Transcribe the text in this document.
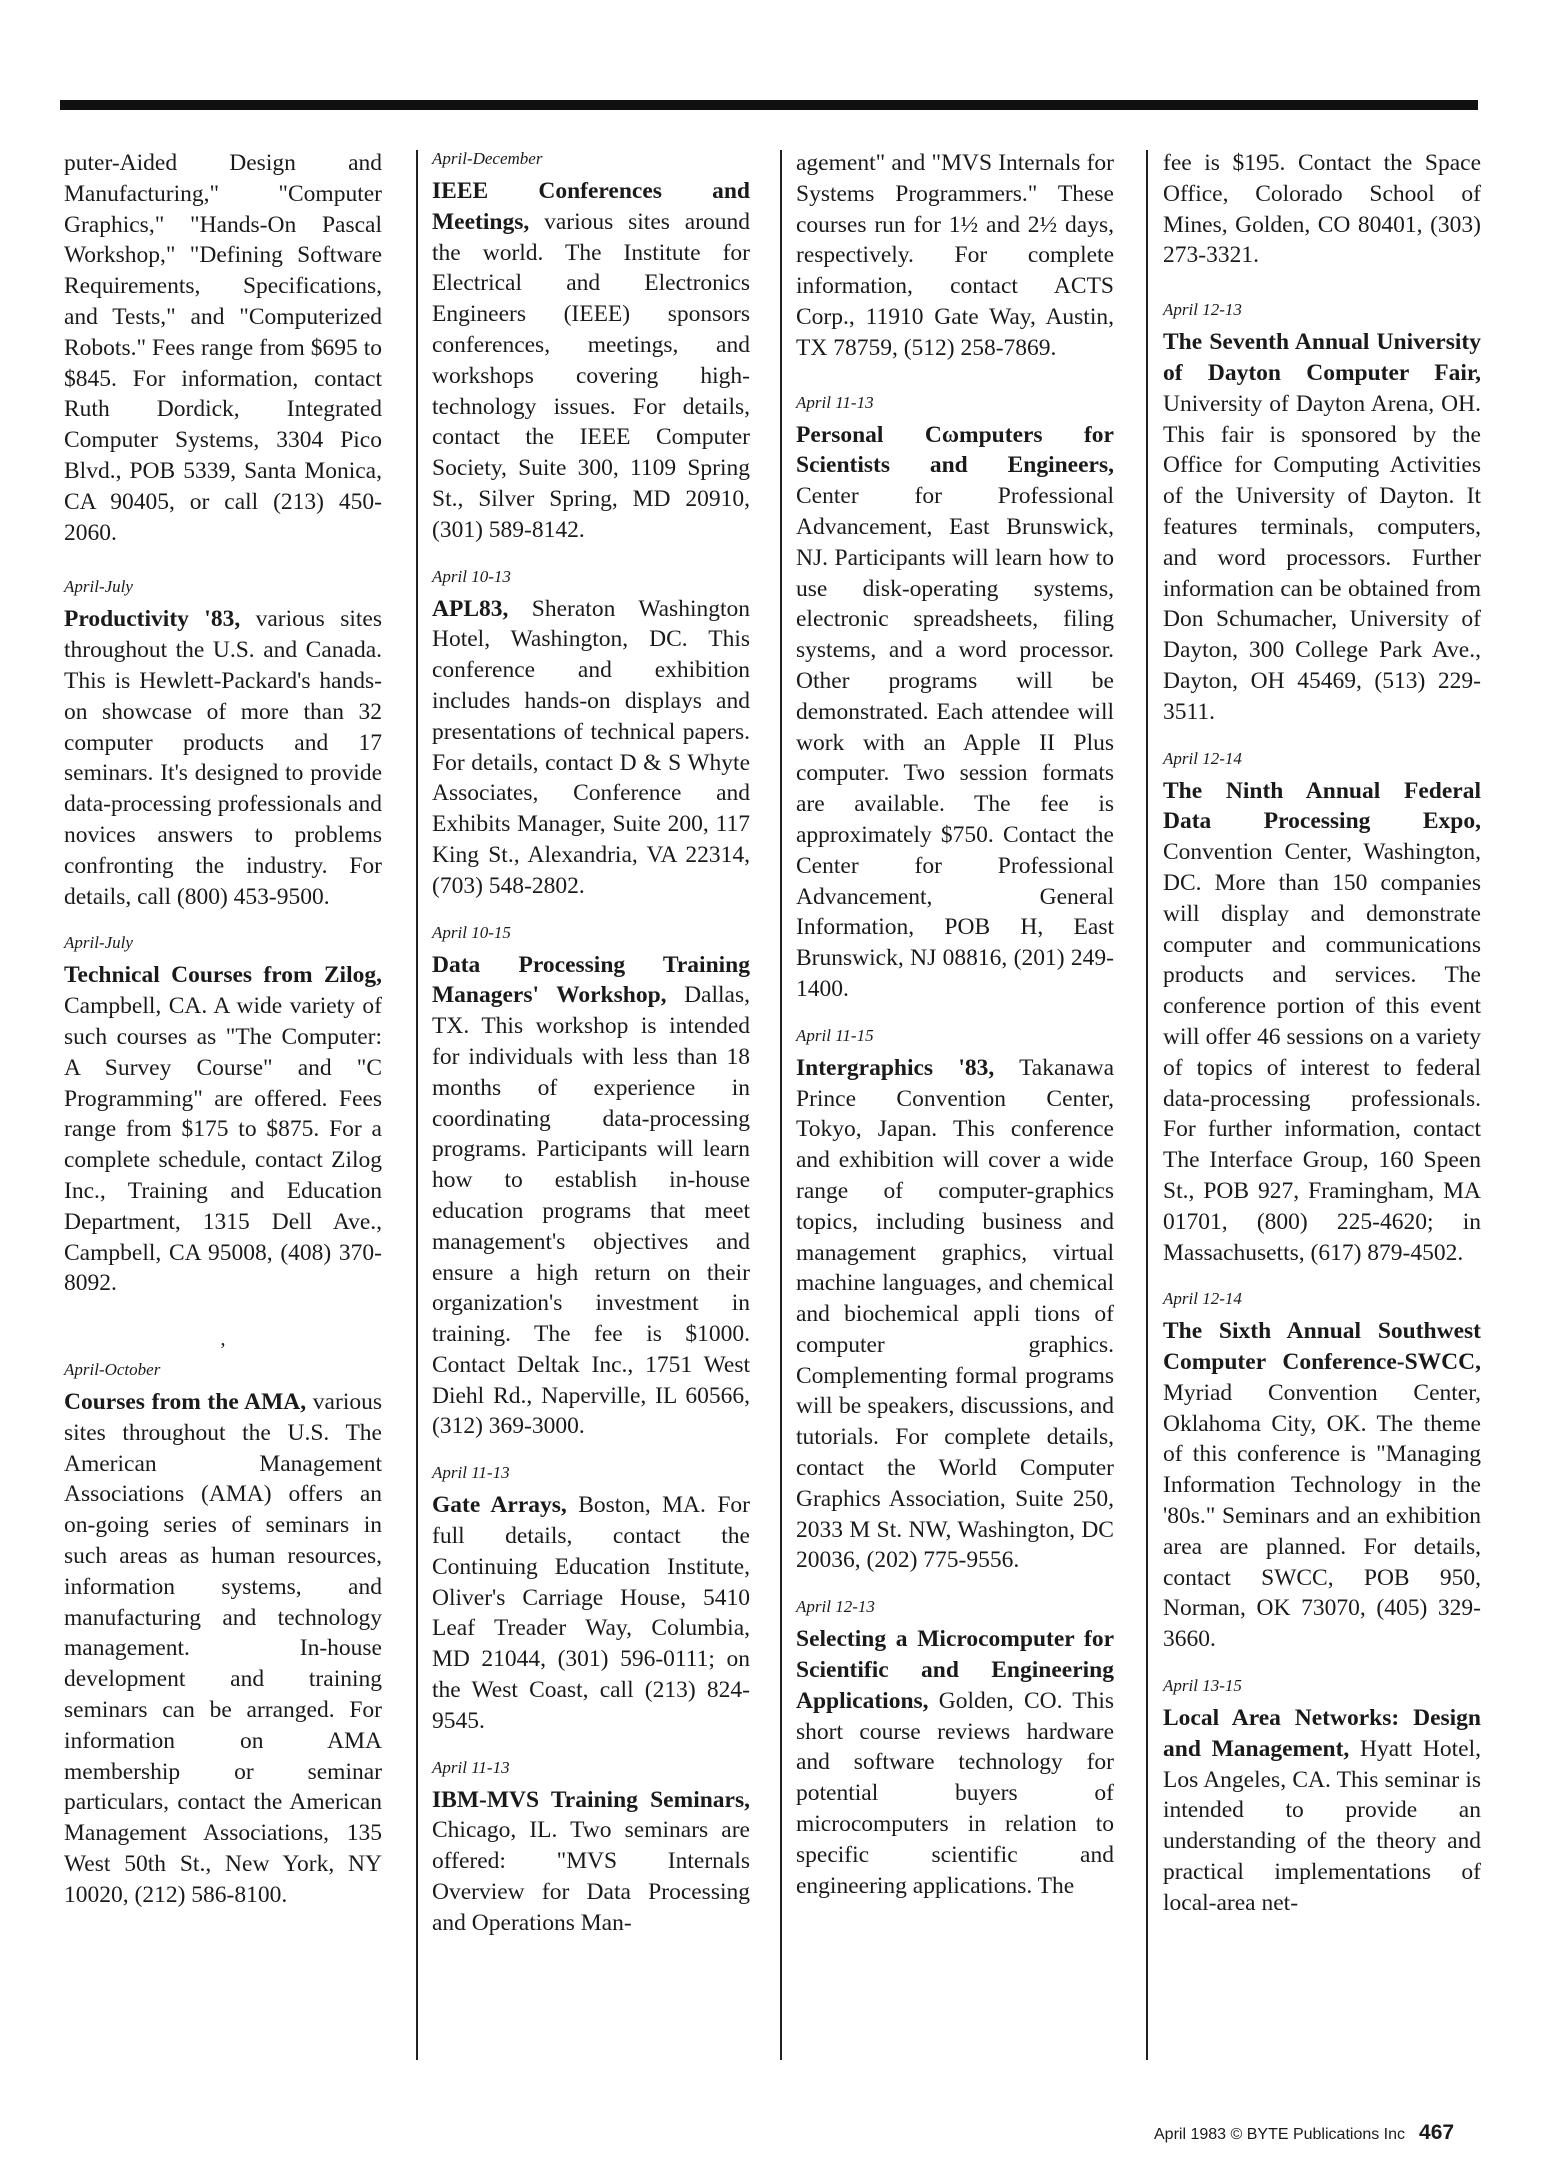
puter-Aided Design and Manufacturing," "Computer Graphics," "Hands-On Pascal Workshop," "Defining Software Requirements, Specifications, and Tests," and "Computerized Robots." Fees range from $695 to $845. For information, contact Ruth Dordick, Integrated Computer Systems, 3304 Pico Blvd., POB 5339, Santa Monica, CA 90405, or call (213) 450-2060.

April-July

Productivity '83, various sites throughout the U.S. and Canada. This is Hewlett-Packard's hands-on showcase of more than 32 computer products and 17 seminars. It's designed to provide data-processing professionals and novices answers to problems confronting the industry. For details, call (800) 453-9500.

April-July

Technical Courses from Zilog, Campbell, CA. A wide variety of such courses as "The Computer: A Survey Course" and "C Programming" are offered. Fees range from $175 to $875. For a complete schedule, contact Zilog Inc., Training and Education Department, 1315 Dell Ave., Campbell, CA 95008, (408) 370-8092.

,
April-October

Courses from the AMA, various sites throughout the U.S. The American Management Associations (AMA) offers an on-going series of seminars in such areas as human resources, information systems, and manufacturing and technology management. In-house development and training seminars can be arranged. For information on AMA membership or seminar particulars, contact the American Management Associations, 135 West 50th St., New York, NY 10020, (212) 586-8100.

April-December

IEEE Conferences and Meetings, various sites around the world. The Institute for Electrical and Electronics Engineers (IEEE) sponsors conferences, meetings, and workshops covering high-technology issues. For details, contact the IEEE Computer Society, Suite 300, 1109 Spring St., Silver Spring, MD 20910, (301) 589-8142.

April 10-13

APL83, Sheraton Washington Hotel, Washington, DC. This conference and exhibition includes hands-on displays and presentations of technical papers. For details, contact D & S Whyte Associates, Conference and Exhibits Manager, Suite 200, 117 King St., Alexandria, VA 22314, (703) 548-2802.

April 10-15

Data Processing Training Managers' Workshop, Dallas, TX. This workshop is intended for individuals with less than 18 months of experience in coordinating data-processing programs. Participants will learn how to establish in-house education programs that meet management's objectives and ensure a high return on their organization's investment in training. The fee is $1000. Contact Deltak Inc., 1751 West Diehl Rd., Naperville, IL 60566, (312) 369-3000.

April 11-13

Gate Arrays, Boston, MA. For full details, contact the Continuing Education Institute, Oliver's Carriage House, 5410 Leaf Treader Way, Columbia, MD 21044, (301) 596-0111; on the West Coast, call (213) 824-9545.

April 11-13

IBM-MVS Training Seminars, Chicago, IL. Two seminars are offered: "MVS Internals Overview for Data Processing and Operations Man-

agement" and "MVS Internals for Systems Programmers." These courses run for 1½ and 2½ days, respectively. For complete information, contact ACTS Corp., 11910 Gate Way, Austin, TX 78759, (512) 258-7869.

April 11-13

Personal Cωmputers for Scientists and Engineers, Center for Professional Advancement, East Brunswick, NJ. Participants will learn how to use disk-operating systems, electronic spreadsheets, filing systems, and a word processor. Other programs will be demonstrated. Each attendee will work with an Apple II Plus computer. Two session formats are available. The fee is approximately $750. Contact the Center for Professional Advancement, General Information, POB H, East Brunswick, NJ 08816, (201) 249-1400.

April 11-15

Intergraphics '83, Takanawa Prince Convention Center, Tokyo, Japan. This conference and exhibition will cover a wide range of computer-graphics topics, including business and management graphics, virtual machine languages, and chemical and biochemical appli tions of computer graphics. Complementing formal programs will be speakers, discussions, and tutorials. For complete details, contact the World Computer Graphics Association, Suite 250, 2033 M St. NW, Washington, DC 20036, (202) 775-9556.

April 12-13

Selecting a Microcomputer for Scientific and Engineering Applications, Golden, CO. This short course reviews hardware and software technology for potential buyers of microcomputers in relation to specific scientific and engineering applications. The

fee is $195. Contact the Space Office, Colorado School of Mines, Golden, CO 80401, (303) 273-3321.

April 12-13

The Seventh Annual University of Dayton Computer Fair, University of Dayton Arena, OH. This fair is sponsored by the Office for Computing Activities of the University of Dayton. It features terminals, computers, and word processors. Further information can be obtained from Don Schumacher, University of Dayton, 300 College Park Ave., Dayton, OH 45469, (513) 229-3511.

April 12-14

The Ninth Annual Federal Data Processing Expo, Convention Center, Washington, DC. More than 150 companies will display and demonstrate computer and communications products and services. The conference portion of this event will offer 46 sessions on a variety of topics of interest to federal data-processing professionals. For further information, contact The Interface Group, 160 Speen St., POB 927, Framingham, MA 01701, (800) 225-4620; in Massachusetts, (617) 879-4502.

April 12-14

The Sixth Annual Southwest Computer Conference-SWCC, Myriad Convention Center, Oklahoma City, OK. The theme of this conference is "Managing Information Technology in the '80s." Seminars and an exhibition area are planned. For details, contact SWCC, POB 950, Norman, OK 73070, (405) 329-3660.

April 13-15

Local Area Networks: Design and Management, Hyatt Hotel, Los Angeles, CA. This seminar is intended to provide an understanding of the theory and practical implementations of local-area net-

April 1983 © BYTE Publications Inc 467
